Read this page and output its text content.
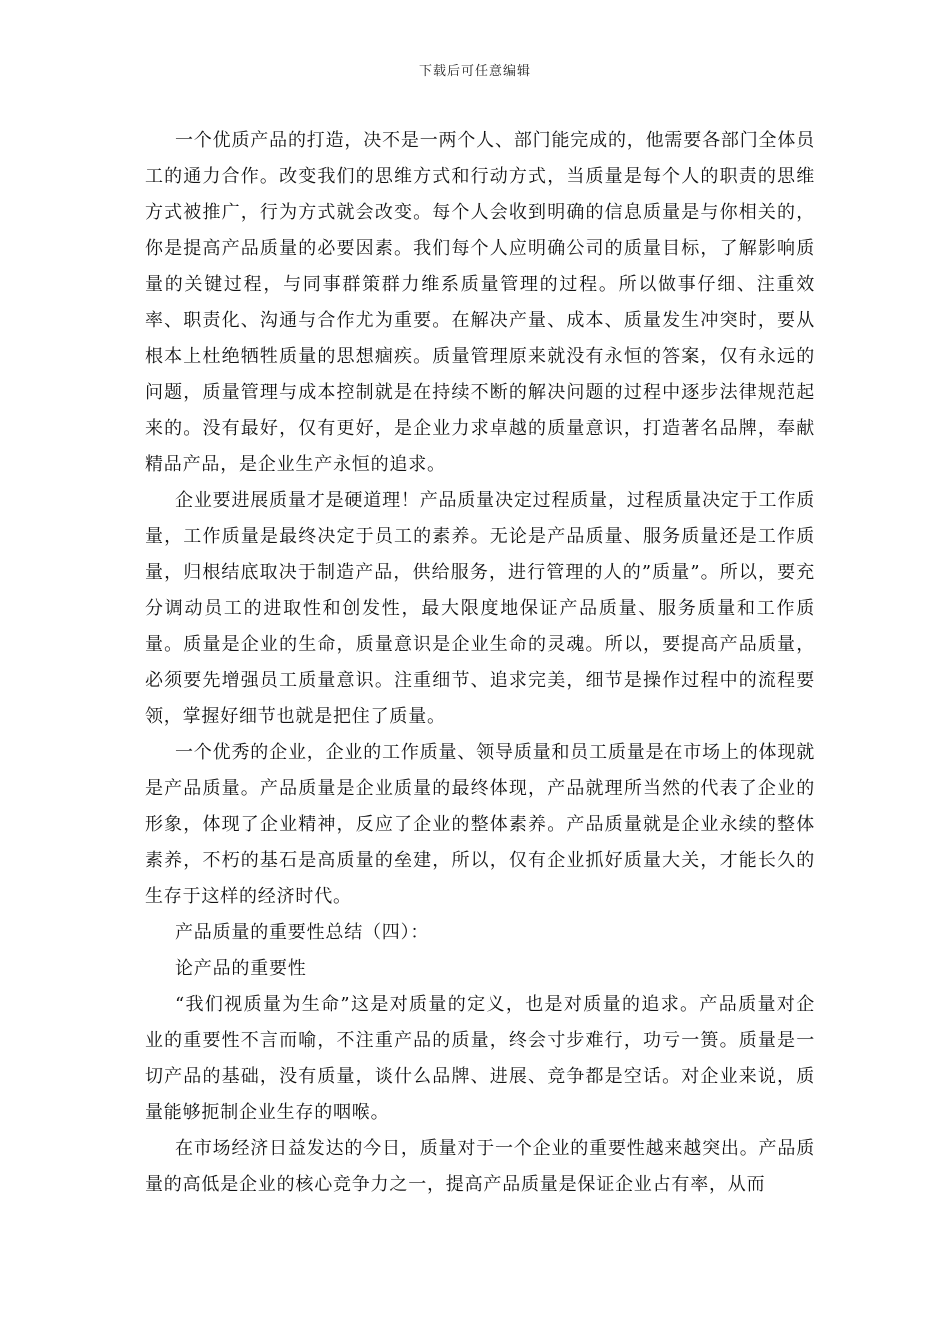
下载后可任意编辑

一个优质产品的打造，决不是一两个人、部门能完成的，他需要各部门全体员工的通力合作。改变我们的思维方式和行动方式，当质量是每个人的职责的思维方式被推广，行为方式就会改变。每个人会收到明确的信息质量是与你相关的，你是提高产品质量的必要因素。我们每个人应明确公司的质量目标，了解影响质量的关键过程，与同事群策群力维系质量管理的过程。所以做事仔细、注重效率、职责化、沟通与合作尤为重要。在解决产量、成本、质量发生冲突时，要从根本上杜绝牺牲质量的思想痼疾。质量管理原来就没有永恒的答案，仅有永远的问题，质量管理与成本控制就是在持续不断的解决问题的过程中逐步法律规范起来的。没有最好，仅有更好，是企业力求卓越的质量意识，打造著名品牌，奉献精品产品，是企业生产永恒的追求。

企业要进展质量才是硬道理！产品质量决定过程质量，过程质量决定于工作质量，工作质量是最终决定于员工的素养。无论是产品质量、服务质量还是工作质量，归根结底取决于制造产品，供给服务，进行管理的人的”质量”。所以，要充分调动员工的进取性和创发性，最大限度地保证产品质量、服务质量和工作质量。质量是企业的生命，质量意识是企业生命的灵魂。所以，要提高产品质量，必须要先增强员工质量意识。注重细节、追求完美，细节是操作过程中的流程要领，掌握好细节也就是把住了质量。

一个优秀的企业，企业的工作质量、领导质量和员工质量是在市场上的体现就是产品质量。产品质量是企业质量的最终体现，产品就理所当然的代表了企业的形象，体现了企业精神，反应了企业的整体素养。产品质量就是企业永续的整体素养，不朽的基石是高质量的垒建，所以，仅有企业抓好质量大关，才能长久的生存于这样的经济时代。

产品质量的重要性总结（四）：

论产品的重要性

“我们视质量为生命”这是对质量的定义，也是对质量的追求。产品质量对企业的重要性不言而喻，不注重产品的质量，终会寸步难行，功亏一篑。质量是一切产品的基础，没有质量，谈什么品牌、进展、竞争都是空话。对企业来说，质量能够扼制企业生存的咽喉。

在市场经济日益发达的今日，质量对于一个企业的重要性越来越突出。产品质量的高低是企业的核心竞争力之一，提高产品质量是保证企业占有率，从而
